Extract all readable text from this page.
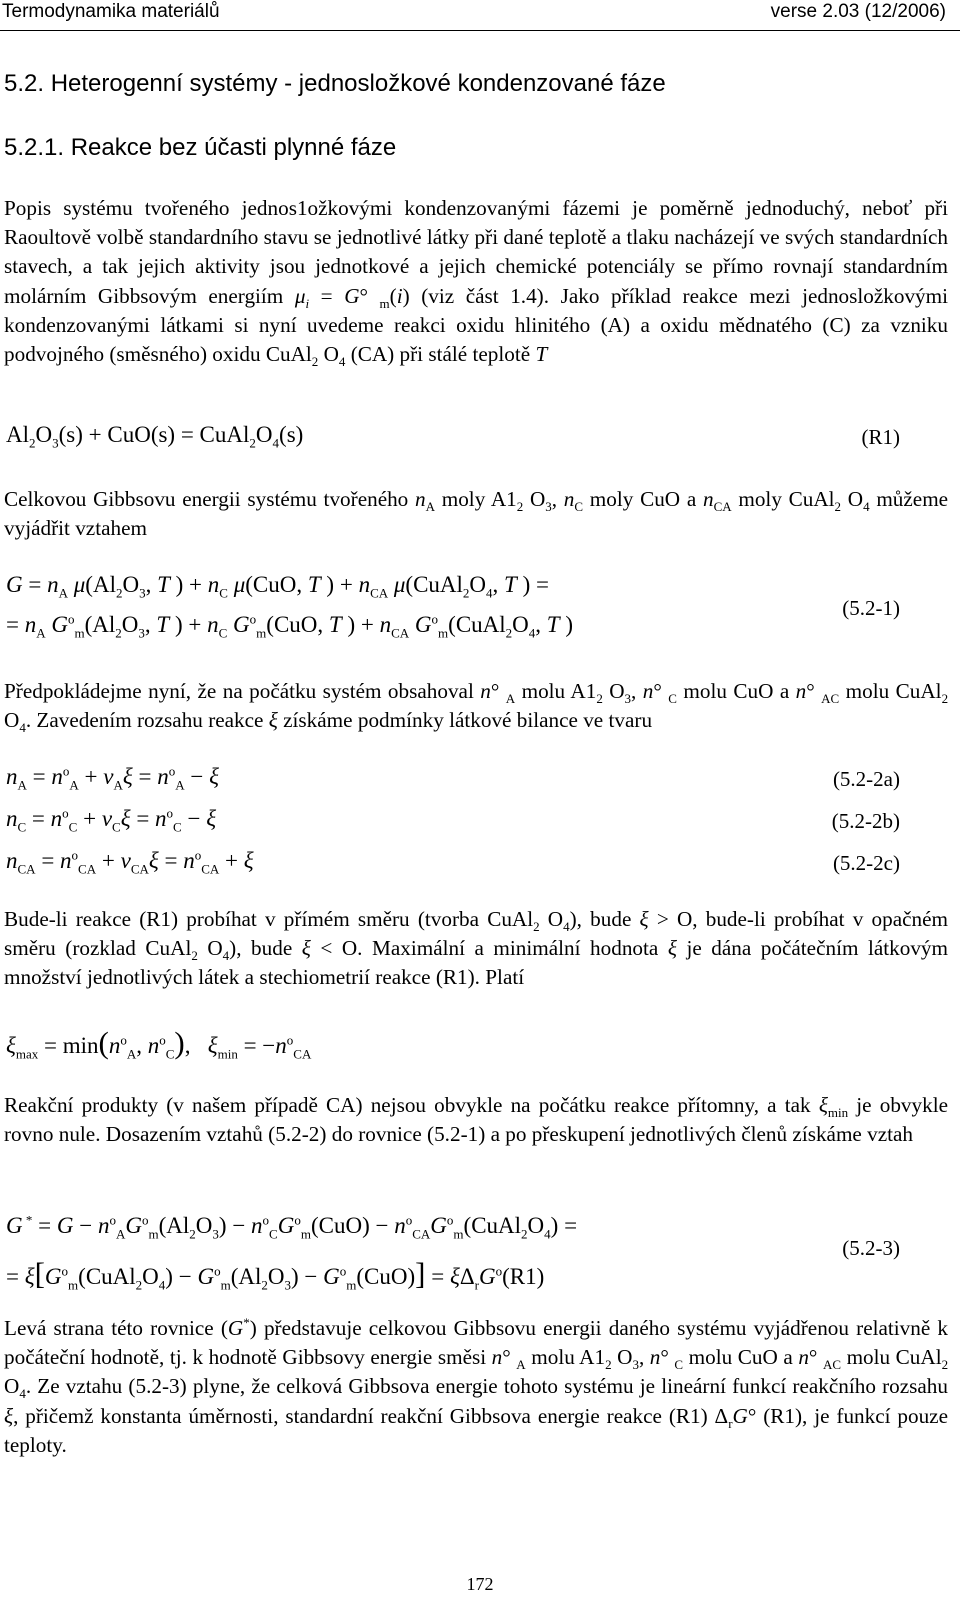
Termodynamika materiálů	verse 2.03 (12/2006)
5.2. Heterogenní systémy - jednosložkové kondenzované fáze
5.2.1. Reakce bez účasti plynné fáze

Popis systému tvořeného jednos1ožkovými kondenzovanými fázemi je poměrně jednoduchý, neboť při Raoultově volbě standardního stavu se jednotlivé látky při dané teplotě a tlaku nacházejí ve svých standardních stavech, a tak jejich aktivity jsou jednotkové a jejich chemické potenciály se přímo rovnají standardním molárním Gibbsovým energiím $\mu_i = G^\circ$ $_m$(i) (viz část 1.4). Jako příklad reakce mezi jednosložkovými kondenzovanými látkami si nyní uvedeme reakci oxidu hlinitého (A) a oxidu mědnatého (C) za vzniku podvojného (směsného) oxidu CuAl$_2$ $O_4$ (CA) při stálé teplotě T

$Al_2O_3(s) + CuO(s)$ = $CuAl_2O_4(s)$	(R1)

Celkovou Gibbsovu energii systému tvořeného $n_A$ moly $A1_2$ $O_3$, $n_C$ moly CuO a $n_{CA}$ moly CuAl$_2$ $O_4$ můžeme vyjádřit vztahem

$G = n_A$ $\mu(Al_2O_3$, T ) + $n_C$ μ(CuO, T ) + $n_{CA}$ $\mu(CuAl_2O_4$, T ) =
= $n_A$ $G^o_m(Al_2O_3$, T ) + $n_C$ $G^o_m(CuO$, T ) + $n_{CA}$ $G^o_m(CuAl_2O_4$, T )
(5.2-1)

Předpokládejme nyní, že na počátku systém obsahoval n° $_A$ molu $A1_2$ $O_3$, n° $_C$ molu CuO a n° $_{AC}$ molu CuAl$_2$ $O_4$. Zavedením rozsahu reakce ξ získáme podmínky látkové bilance ve tvaru

$n_A = n^o_A + \nu_A\xi = n^o_A - \xi$	(5.2-2a)
$n_C = n^o_C + \nu_C\xi = n^o_C - \xi$	(5.2-2b)
$n_{CA} = n^o_{CA} + \nu_{CA}\xi = n^o_{CA} + \xi$	(5.2-2c)

Bude-li reakce (R1) probíhat v přímém směru (tvorba CuAl$_2$ $O_4$), bude ξ > O, bude-li probíhat v opačném směru (rozklad CuAl$_2$ $O_4$), bude ξ < O. Maximální a minimální hodnota ξ je dána počátečním látkovým množství jednotlivých látek a stechiometrií reakce (R1). Platí

$\xi_{max} = \min(n^o_A$, $n^o_C$),   $\xi_{min} = -n^o_{CA}$

Reakční produkty (v našem případě CA) nejsou obvykle na počátku reakce přítomny, a tak $\xi_{min}$ je obvykle rovno nule. Dosazením vztahů (5.2-2) do rovnice (5.2-1) a po přeskupení jednotlivých členů získáme vztah

G $^* = G - n^o_AG^o_m(Al_2O_3) - n^o_CG^o_m(CuO)$ − $n^o_{CA}G^o_m(CuAl_2O_4)$ =
= $\xi[G^o_m(CuAl_2O_4) - G^o_m(Al_2O_3) - G^o_m(CuO)] = \xi\Delta_rG^o(R1)$
(5.2-3)

Levá strana této rovnice (G*) představuje celkovou Gibbsovu energii daného systému vyjádřenou relativně k počáteční hodnotě, tj. k hodnotě Gibbsovy energie směsi n° $_A$ molu $A1_2$ $O_3$, n° $_C$ molu CuO a n° $_{AC}$ molu CuAl$_2$ $O_4$. Ze vztahu (5.2-3) plyne, že celková Gibbsova energie tohoto systému je lineární funkcí reakčního rozsahu ξ, přičemž konstanta úměrnosti, standardní reakční Gibbsova energie reakce (R1) $\Delta_rG^\circ$ (R1), je funkcí pouze teploty.

172
